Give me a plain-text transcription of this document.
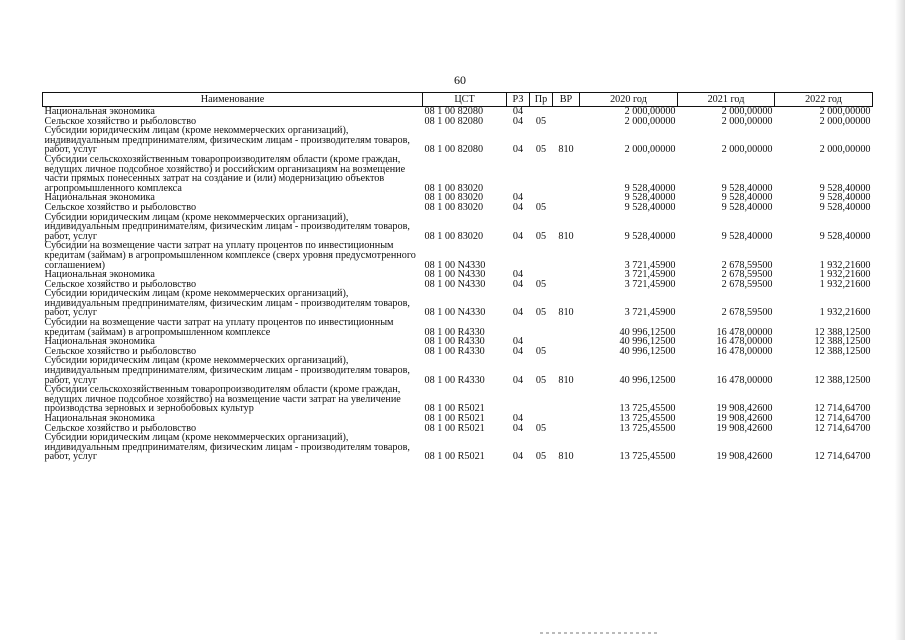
60
Наименование	ЦСТ	РЗ	Пр	ВР	2020 год	2021 год	2022 год
Национальная экономика	08 1 00 82080	04			2 000,00000	2 000,00000	2 000,00000
Сельское хозяйство и рыболовство	08 1 00 82080	04	05		2 000,00000	2 000,00000	2 000,00000
Субсидии юридическим лицам (кроме некоммерческих организаций), индивидуальным предпринимателям, физическим лицам - производителям товаров, работ, услуг	08 1 00 82080	04	05	810	2 000,00000	2 000,00000	2 000,00000
Субсидии сельскохозяйственным товаропроизводителям области (кроме граждан, ведущих личное подсобное хозяйство) и российским организациям на возмещение части прямых понесенных затрат на создание и (или) модернизацию объектов агропромышленного комплекса	08 1 00 83020				9 528,40000	9 528,40000	9 528,40000
Национальная экономика	08 1 00 83020	04			9 528,40000	9 528,40000	9 528,40000
Сельское хозяйство и рыболовство	08 1 00 83020	04	05		9 528,40000	9 528,40000	9 528,40000
Субсидии юридическим лицам (кроме некоммерческих организаций), индивидуальным предпринимателям, физическим лицам - производителям товаров, работ, услуг	08 1 00 83020	04	05	810	9 528,40000	9 528,40000	9 528,40000
Субсидии на возмещение части затрат на уплату процентов по инвестиционным кредитам (займам) в агропромышленном комплексе (сверх уровня предусмотренного соглашением)	08 1 00 N4330				3 721,45900	2 678,59500	1 932,21600
Национальная экономика	08 1 00 N4330	04			3 721,45900	2 678,59500	1 932,21600
Сельское хозяйство и рыболовство	08 1 00 N4330	04	05		3 721,45900	2 678,59500	1 932,21600
Субсидии юридическим лицам (кроме некоммерческих организаций), индивидуальным предпринимателям, физическим лицам - производителям товаров, работ, услуг	08 1 00 N4330	04	05	810	3 721,45900	2 678,59500	1 932,21600
Субсидии на возмещение части затрат на уплату процентов по инвестиционным кредитам (займам) в агропромышленном комплексе	08 1 00 R4330				40 996,12500	16 478,00000	12 388,12500
Национальная экономика	08 1 00 R4330	04			40 996,12500	16 478,00000	12 388,12500
Сельское хозяйство и рыболовство	08 1 00 R4330	04	05		40 996,12500	16 478,00000	12 388,12500
Субсидии юридическим лицам (кроме некоммерческих организаций), индивидуальным предпринимателям, физическим лицам - производителям товаров, работ, услуг	08 1 00 R4330	04	05	810	40 996,12500	16 478,00000	12 388,12500
Субсидии сельскохозяйственным товаропроизводителям области (кроме граждан, ведущих личное подсобное хозяйство) на возмещение части затрат на увеличение производства зерновых и зернобобовых культур	08 1 00 R5021				13 725,45500	19 908,42600	12 714,64700
Национальная экономика	08 1 00 R5021	04			13 725,45500	19 908,42600	12 714,64700
Сельское хозяйство и рыболовство	08 1 00 R5021	04	05		13 725,45500	19 908,42600	12 714,64700
Субсидии юридическим лицам (кроме некоммерческих организаций), индивидуальным предпринимателям, физическим лицам - производителям товаров, работ, услуг	08 1 00 R5021	04	05	810	13 725,45500	19 908,42600	12 714,64700
